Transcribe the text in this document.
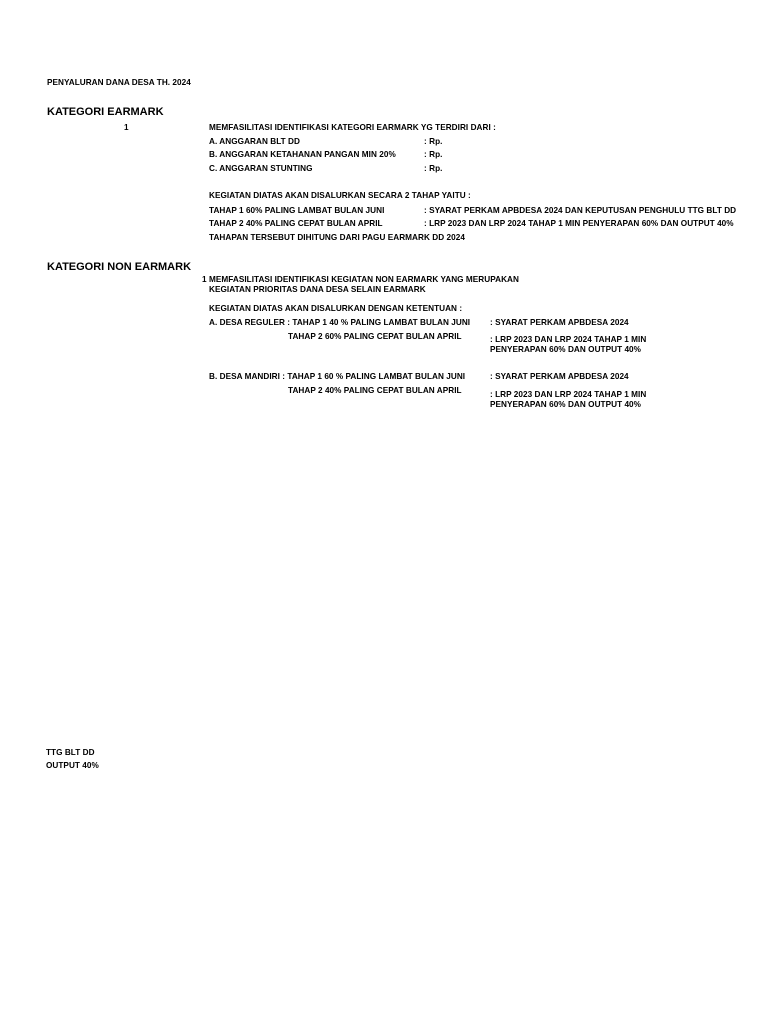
PENYALURAN DANA DESA TH. 2024
KATEGORI EARMARK
1	MEMFASILITASI IDENTIFIKASI KATEGORI EARMARK YG TERDIRI DARI :
A. ANGGARAN BLT DD	: Rp.
B. ANGGARAN KETAHANAN PANGAN MIN 20%	: Rp.
C. ANGGARAN STUNTING	: Rp.
KEGIATAN DIATAS AKAN DISALURKAN SECARA 2 TAHAP YAITU :
TAHAP 1 60% PALING LAMBAT BULAN JUNI	: SYARAT PERKAM APBDESA 2024 DAN KEPUTUSAN PENGHULU TTG BLT DD
TAHAP 2 40% PALING CEPAT BULAN APRIL	: LRP 2023 DAN LRP 2024 TAHAP 1 MIN PENYERAPAN 60% DAN OUTPUT 40%
TAHAPAN TERSEBUT DIHITUNG DARI PAGU EARMARK DD 2024
KATEGORI NON EARMARK
1 MEMFASILITASI IDENTIFIKASI KEGIATAN NON EARMARK YANG MERUPAKAN
KEGIATAN PRIORITAS DANA DESA SELAIN EARMARK
KEGIATAN DIATAS AKAN DISALURKAN DENGAN KETENTUAN :
A. DESA REGULER : TAHAP 1 40 % PALING LAMBAT BULAN JUNI : SYARAT PERKAM APBDESA 2024
TAHAP 2 60% PALING CEPAT BULAN APRIL	: LRP 2023 DAN LRP 2024 TAHAP 1 MIN
PENYERAPAN 60% DAN OUTPUT 40%
B. DESA MANDIRI : TAHAP 1 60 % PALING LAMBAT BULAN JUNI	: SYARAT PERKAM APBDESA 2024
TAHAP 2 40% PALING CEPAT BULAN APRIL	: LRP 2023 DAN LRP 2024 TAHAP 1 MIN
PENYERAPAN 60% DAN OUTPUT 40%
TTG BLT DD
OUTPUT 40%
